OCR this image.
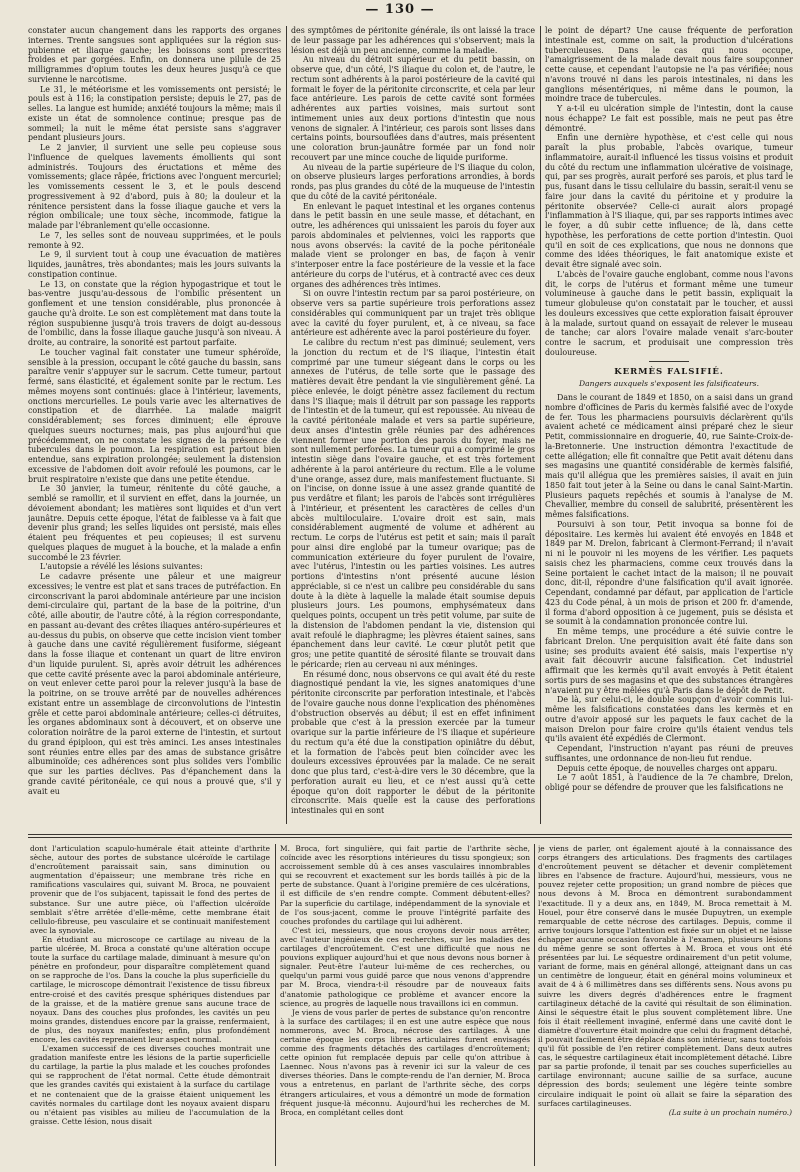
— 130 —

constater aucun changement dans les rapports des organes internes. Trente sangsues sont appliquées sur la région sus-pubienne et iliaque gauche; les boissons sont prescrites froides et par gorgées. Enfin, on donnera une pilule de 25 milligrammes d'opium toutes les deux heures jusqu'à ce que survienne le narcotisme.

Le 31, le météorisme et les vomissements ont persisté; le pouls est à 116; la constipation persiste; depuis le 27, pas de selles. La langue est humide; anxiété toujours la même; mais il existe un état de somnolence continue; presque pas de sommeil; la nuit le même état persiste sans s'aggraver pendant plusieurs jours.

Le 2 janvier, il survient une selle peu copieuse sous l'influence de quelques lavements émollients qui sont administrés. Toujours des éructations et même des vomissements; glace râpée, frictions avec l'onguent mercuriel; les vomissements cessent le 3, et le pouls descend progressivement à 92 d'abord, puis à 80; la douleur et la rénitence persistent dans la fosse iliaque gauche et vers la région ombilicale; une toux sèche, incommode, fatigue la malade par l'ébranlement qu'elle occasionne.

Le 7, les selles sont de nouveau supprimées, et le pouls remonte à 92.

Le 9, il survient tout à coup une évacuation de matières liquides, jaunâtres, très abondantes; mais les jours suivants la constipation continue.

Le 13, on constate que la région hypogastrique et tout le bas-ventre jusqu'au-dessous de l'ombilic présentent un gonflement et une tension considérable, plus prononcée à gauche qu'à droite. Le son est complètement mat dans toute la région suspubienne jusqu'à trois travers de doigt au-dessous de l'ombilic, dans la fosse iliaque gauche jusqu'à son niveau. À droite, au contraire, la sonorité est partout parfaite.

Le toucher vaginal fait constater une tumeur sphéroïde, sensible à la pression, occupant le côté gauche du bassin, sans paraître venir s'appuyer sur le sacrum. Cette tumeur, partout fermé, sans élasticité, et également sonite par le rectum. Les mêmes moyens sont continués: glace à l'intérieur, lavements, onctions mercurielles. Le pouls varie avec les alternatives de constipation et de diarrhée. La malade maigrit considérablement; ses forces diminuent; elle éprouve quelques sueurs nocturnes; mais, pas plus aujourd'hui que précédemment, on ne constate les signes de la présence de tubercules dans le poumon. La respiration est partout bien entendue, sans expiration prolongée; seulement la distension excessive de l'abdomen doit avoir refoulé les poumons, car le bruit respiratoire n'existe que dans une petite étendue.

Le 30 janvier, la tumeur, rénitente du côté gauche, a semblé se ramollir, et il survient en effet, dans la journée, un dévoiement abondant; les matières sont liquides et d'un vert jaunâtre. Depuis cette époque, l'état de faiblesse va à fait que devenir plus grand; les selles liquides ont persisté, mais elles étaient peu fréquentes et peu copieuses; il est survenu quelques plaques de muguet à la bouche, et la malade a enfin succombé le 23 février.

L'autopsie a révélé les lésions suivantes:

Le cadavre présente une pâleur et une maigreur excessives; le ventre est plat et sans traces de putréfaction. En circonscrivant la paroi abdominale antérieure par une incision demi-circulaire qui, partant de la base de la poitrine, d'un côté, aille aboutir, de l'autre côté, à la région correspondante, en passant au-devant des crêtes iliaques antéro-supérieures et au-dessus du pubis, on observe que cette incision vient tomber à gauche dans une cavité régulièrement fusiforme, siégeant dans la fosse iliaque et contenant un quart de litre environ d'un liquide purulent. Si, après avoir détruit les adhérences que cette cavité présente avec la paroi abdominale antérieure, on veut enlever cette paroi pour la relever jusqu'à la base de la poitrine, on se trouve arrêté par de nouvelles adhérences existant entre un assemblage de circonvolutions de l'intestin grêle et cette paroi abdominale antérieure; celles-ci détruites, les organes abdominaux sont à découvert, et on observe une coloration noirâtre de la paroi externe de l'intestin, et surtout du grand épiploon, qui est très aminci. Les anses intestinales sont réunies entre elles par des amas de substance grisâtre albuminoïde; ces adhérences sont plus solides vers l'ombilic que sur les parties déclives. Pas d'épanchement dans la grande cavité péritonéale, ce qui nous a prouvé que, s'il y avait eu

des symptômes de péritonite générale, ils ont laissé la trace de leur passage par les adhérences qui s'observent; mais la lésion est déjà un peu ancienne, comme la maladie.

Au niveau du détroit supérieur et du petit bassin, on observe que, d'un côté, l'S iliaque du colon et, de l'autre, le rectum sont adhérents à la paroi postérieure de la cavité qui formait le foyer de la péritonite circonscrite, et cela par leur face antérieure. Les parois de cette cavité sont formées adhérentes aux parties voisines, mais surtout sont intimement unies aux deux portions d'intestin que nous venons de signaler. À l'intérieur, ces parois sont lisses dans certains points, boursouflées dans d'autres, mais présentent une coloration brun-jaunâtre formée par un fond noir recouvert par une mince couche de liquide puriforme.

Au niveau de la partie supérieure de l'S iliaque du colon, on observe plusieurs larges perforations arrondies, à bords ronds, pas plus grandes du côté de la muqueuse de l'intestin que du côté de la cavité péritonéale.

En enlevant le paquet intestinal et les organes contenus dans le petit bassin en une seule masse, et détachant, en outre, les adhérences qui unissaient les parois du foyer aux parois abdominales et pelviennes, voici les rapports que nous avons observés: la cavité de la poche péritonéale malade vient se prolonger en bas, de façon à venir s'interposer entre la face postérieure de la vessie et la face antérieure du corps de l'utérus, et à contracté avec ces deux organes des adhérences très intimes.

Si on ouvre l'intestin rectum par sa paroi postérieure, on observe vers sa partie supérieure trois perforations assez considérables qui communiquent par un trajet très oblique avec la cavité du foyer purulent, et, à ce niveau, sa face antérieure est adhérente avec la paroi postérieure du foyer.

Le calibre du rectum n'est pas diminué; seulement, vers la jonction du rectum et de l'S iliaque, l'intestin était comprimé par une tumeur siégeant dans le corps ou les annexes de l'utérus, de telle sorte que le passage des matières devait être pendant la vie singulièrement gêné. La pièce enlevée, le doigt pénètre assez facilement du rectum dans l'S iliaque; mais il détruit par son passage les rapports de l'intestin et de la tumeur, qui est repoussée. Au niveau de la cavité péritonéale malade et vers sa partie supérieure, deux anses d'intestin grêle réunies par des adhérences viennent former une portion des parois du foyer, mais ne sont nullement perforées. La tumeur qui a comprimé le gros intestin siège dans l'ovaire gauche, et est très fortement adhérente à la paroi antérieure du rectum. Elle a le volume d'une orange, assez dure, mais manifestement fluctuante. Si on l'incise, on donne issue à une assez grande quantité de pus verdâtre et filant; les parois de l'abcès sont irrégulières à l'intérieur, et présentent les caractères de celles d'un abcès multiloculaire. L'ovaire droit est sain, mais considérablement augmenté de volume et adhérent au rectum. Le corps de l'utérus est petit et sain; mais il paraît pour ainsi dire englobé par la tumeur ovarique; pas de communication extérieure du foyer purulent de l'ovaire, avec l'utérus, l'intestin ou les parties voisines. Les autres portions d'intestins n'ont présenté aucune lésion appréciable, si ce n'est un calibre peu considérable du sans doute à la diète à laquelle la malade était soumise depuis plusieurs jours. Les poumons, emphysémateux dans quelques points, occupent un très petit volume, par suite de la distension de l'abdomen pendant la vie, distension qui avait refoulé le diaphragme; les plèvres étaient saines, sans épanchement dans leur cavité. Le cœur plutôt petit que gros; une petite quantité de sérosité filante se trouvait dans le péricarde; rien au cerveau ni aux méninges.

En résumé donc, nous observons ce qui avait été du reste diagnostiqué pendant la vie, les signes anatomiques d'une péritonite circonscrite par perforation intestinale, et l'abcès de l'ovaire gauche nous donne l'explication des phénomènes d'obstruction observés au début; il est en effet infiniment probable que c'est à la pression exercée par la tumeur ovarique sur la partie inférieure de l'S iliaque et supérieure du rectum qu'a été due la constipation opiniâtre du début, et la formation de l'abcès peut bien coïncider avec les douleurs excessives éprouvées par la malade. Ce ne serait donc que plus tard, c'est-à-dire vers le 30 décembre, que la perforation aurait eu lieu, et ce n'est aussi qu'à cette époque qu'on doit rapporter le début de la péritonite circonscrite. Mais quelle est la cause des perforations intestinales qui en sont

le point de départ? Une cause fréquente de perforation intestinale est, comme on sait, la production d'ulcérations tuberculeuses. Dans le cas qui nous occupe, l'amaigrissement de la malade devait nous faire soupçonner cette cause, et cependant l'autopsie ne l'a pas vérifiée; nous n'avons trouvé ni dans les parois intestinales, ni dans les ganglions mésentériques, ni même dans le poumon, la moindre trace de tubercules.

Y a-t-il eu ulcération simple de l'intestin, dont la cause nous échappe? Le fait est possible, mais ne peut pas être démontré.

Enfin une dernière hypothèse, et c'est celle qui nous paraît la plus probable, l'abcès ovarique, tumeur inflammatoire, aurait-il influencé les tissus voisins et produit du côté du rectum une inflammation ulcérative de voisinage, qui, par ses progrès, aurait perforé ses parois, et plus tard le pus, fusant dans le tissu cellulaire du bassin, serait-il venu se faire jour dans la cavité du péritoine et y produire la péritonite observée? Celle-ci aurait alors propagé l'inflammation à l'S iliaque, qui, par ses rapports intimes avec le foyer, a dû subir cette influence; de là, dans cette hypothèse, les perforations de cette portion d'intestin. Quoi qu'il en soit de ces explications, que nous ne donnons que comme des idées théoriques, le fait anatomique existe et devait être signalé avec soin.

L'abcès de l'ovaire gauche englobant, comme nous l'avons dit, le corps de l'utérus et formant même une tumeur volumineuse à gauche dans le petit bassin, expliquait la tumeur globuleuse qu'on constatait par le toucher, et aussi les douleurs excessives que cette exploration faisait éprouver à la malade, surtout quand on essayait de relever le museau de tanche; car alors l'ovaire malade venait s'arc-bouter contre le sacrum, et produisait une compression très douloureuse.

KERMÈS FALSIFIÉ.
Dangers auxquels s'exposent les falsificateurs.

Dans le courant de 1849 et 1850, on a saisi dans un grand nombre d'officines de Paris du kermès falsifié avec de l'oxyde de fer. Tous les pharmaciens poursuivis déclarèrent qu'ils avaient acheté ce médicament ainsi préparé chez le sieur Petit, commissionnaire en droguerie, 40, rue Sainte-Croix-de-la-Bretonnerie. Une instruction démontra l'exactitude de cette allégation; elle fit connaître que Petit avait détenu dans ses magasins une quantité considérable de kermès falsifié, mais qu'il allégua que les premières saisies, il avait en juin 1850 fait tout jeter à la Seine ou dans le canal Saint-Martin. Plusieurs paquets repêchés et soumis à l'analyse de M. Chevallier, membre du conseil de salubrité, présentèrent les mêmes falsifications.

Poursuivi à son tour, Petit invoqua sa bonne foi de dépositaire. Les kermès lui avaient été envoyés en 1848 et 1849 par M. Drelon, fabricant à Clermont-Ferrand; il n'avait ni ni le pouvoir ni les moyens de les vérifier. Les paquets saisis chez les pharmaciens, comme ceux trouvés dans la Seine portaient le cachet intact de la maison; il ne pouvait donc, dit-il, répondre d'une falsification qu'il avait ignorée. Cependant, condamné par défaut, par application de l'article 423 du Code pénal, à un mois de prison et 200 fr. d'amende, il forma d'abord opposition à ce jugement, puis se désista et se soumit à la condamnation prononcée contre lui.

En même temps, une procédure a été suivie contre le fabricant Drelon. Une perquisition avait été faite dans son usine; ses produits avaient été saisis, mais l'expertise n'y avait fait découvrir aucune falsification. Cet industriel affirmait que les kermès qu'il avait envoyés à Petit étaient sortis purs de ses magasins et que des substances étrangères n'avaient pu y être mêlées qu'à Paris dans le dépôt de Petit.

De là, sur celui-ci, le double soupçon d'avoir commis lui-même les falsifications constatées dans les kermès et en outre d'avoir apposé sur les paquets le faux cachet de la maison Drelon pour faire croire qu'ils étaient vendus tels qu'ils avaient été expédiés de Clermont.

Cependant, l'instruction n'ayant pas réuni de preuves suffisantes, une ordonnance de non-lieu fut rendue.

Depuis cette époque, de nouvelles charges ont apparu.

Le 7 août 1851, à l'audience de la 7e chambre, Drelon, obligé pour se défendre de prouver que les falsifications ne

dont l'articulation scapulo-humérale était atteinte d'arthrite sèche, autour des portes de substance ulcéroïde le cartilage d'encroûtement paraissait sain, sans diminution ou augmentation d'épaisseur; une membrane très riche en ramifications vasculaires qui, suivant M. Broca, ne pouvaient provenir que de l'os subjacent, tapissait le fond des pertes de substance. Sur une autre pièce, où l'affection ulcéroïde semblait s'être arrêtée d'elle-même, cette membrane était cellulo-fibreuse, peu vasculaire et se continuait manifestement avec la synoviale.

En étudiant au microscope ce cartilage au niveau de la partie ulcérée, M. Broca a constaté qu'une altération occupe toute la surface du cartilage malade, diminuant à mesure qu'on pénètre en profondeur, pour disparaître complètement quand on se rapproche de l'os. Dans la couche la plus superficielle du cartilage, le microscope démontrait l'existence de tissu fibreux entre-croisé et des cavités presque sphériques distendues par de la graisse, et de la matière grenue sans aucune trace de noyaux. Dans des couches plus profondes, les cavités un peu moins grandes, distendues encore par la graisse, renfermaient, de plus, des noyaux manifestes; enfin, plus profondément encore, les cavités reprenaient leur aspect normal.

L'examen successif de ces diverses couches montrait une gradation manifeste entre les lésions de la partie superficielle du cartilage, la partie la plus malade et les couches profondes qui se rapprochent de l'état normal. Cette étude démontrait que les grandes cavités qui existaient à la surface du cartilage et ne contenaient que de la graisse étaient uniquement les cavités normales du cartilage dont les noyaux avaient disparu ou n'étaient pas visibles au milieu de l'accumulation de la graisse. Cette lésion, nous disait

M. Broca, fort singulière, qui fait partie de l'arthrite sèche, coïncide avec les résorptions intérieures du tissu spongieux; son accroissement semble dû à ces anses vasculaires innombrables qui se recouvrent et exactement sur les bords taillés à pic de la perte de substance. Quant à l'origine première de ces ulcérations, il est difficile de s'en rendre compte. Comment débutent-elles? Par la superficie du cartilage, indépendamment de la synoviale et de l'os sous-jacent, comme le prouve l'intégrité parfaite des couches profondes du cartilage qui lui adhèrent.

C'est ici, messieurs, que nous croyons devoir nous arrêter, avec l'auteur ingénieux de ces recherches, sur les maladies des cartilages d'encroûtement. C'est une difficulté que nous ne pouvions expliquer aujourd'hui et que nous devons nous borner à signaler. Peut-être l'auteur lui-même de ces recherches, ou quelqu'un parmi vous guidé parce que nous venons d'apprendre par M. Broca, viendra-t-il résoudre par de nouveaux faits d'anatomie pathologique ce problème et avancer encore la science, au progrès de laquelle nous travaillons ici en commun.

Je viens de vous parler de pertes de substance qu'on rencontre à la surface des cartilages; il en est une autre espèce que nous nommerons, avec M. Broca, nécrose des cartilages. À une certaine époque les corps libres articulaires furent envisagés comme des fragments détachés des cartilages d'encroûtement; cette opinion fut remplacée depuis par celle qu'on attribue à Laennec. Nous n'avons pas à revenir ici sur la valeur de ces diverses théories. Dans le compte-rendu de l'an dernier, M. Broca vous a entretenus, en parlant de l'arthrite sèche, des corps étrangers articulaires, et vous a démontré un mode de formation fréquent jusque-là méconnu. Aujourd'hui les recherches de M. Broca, en complétant celles dont

je viens de parler, ont également ajouté à la connaissance des corps étrangers des articulations. Des fragments des cartilages d'encroûtement peuvent se détacher et devenir complètement libres en l'absence de fracture. Aujourd'hui, messieurs, vous ne pouvez rejeter cette proposition; un grand nombre de pièces que nous devons à M. Broca en démontrent surabondamment l'exactitude. Il y a deux ans, en 1849, M. Broca remettait à M. Houel, pour être conservé dans le musée Dupuytren, un exemple remarquable de cette nécrose des cartilages. Depuis, comme il arrive toujours lorsque l'attention est fixée sur un objet et ne laisse échapper aucune occasion favorable à l'examen, plusieurs lésions du même genre se sont offertes à M. Broca et vous ont été présentées par lui. Le séquestre ordinairement d'un petit volume, variant de forme, mais en général allongé, atteignant dans un cas un centimètre de longueur, était en général moins volumineux et avait de 4 à 6 millimètres dans ses différents sens. Nous avons pu suivre les divers degrés d'adhérences entre le fragment cartilagineux détaché de la cavité qui résultait de son élimination. Ainsi le séquestre était le plus souvent complètement libre. Une fois il était réellement invaginé, enfermé dans une cavité dont le diamètre d'ouverture était moindre que celui du fragment détaché, il pouvait facilement être déplacé dans son intérieur, sans toutefois qu'il fût possible de l'en retirer complètement. Dans deux autres cas, le séquestre cartilagineux était incomplètement détaché. Libre par sa partie profonde, il tenait par ses couches superficielles au cartilage environnant; aucune saillie de sa surface, aucune dépression des bords; seulement une légère teinte sombre circulaire indiquait le point où allait se faire la séparation des surfaces cartilagineuses.

(La suite à un prochain numéro.)
